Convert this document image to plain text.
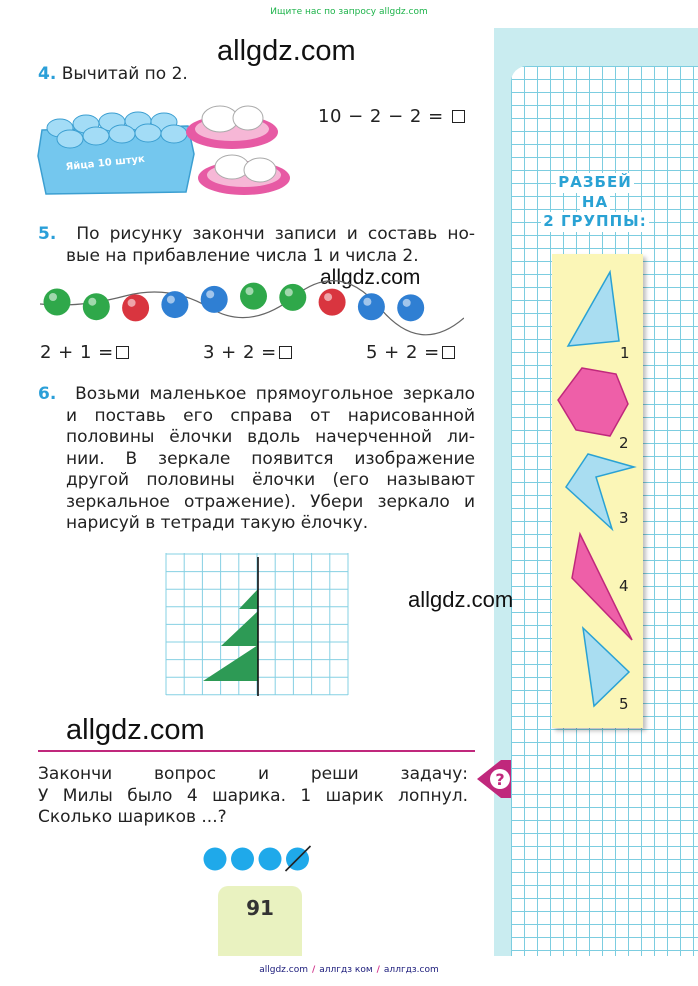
Ищите нас по запросу allgdz.com
РАЗБЕЙ
НА
2 ГРУППЫ:
1
2
3
4
5
allgdz.com
allgdz.com
allgdz.com
allgdz.com
4. Вычитай по 2.
Яйца 10 штук
10 − 2 − 2 =
5. По рисунку закончи записи и составь но-
вые на прибавление числа 1 и числа 2.
2 + 1 =	3 + 2 =	5 + 2 =
6. Возьми маленькое прямоугольное зеркало
и поставь его справа от нарисованной
половины ёлочки вдоль начерченной ли-
нии. В зеркале появится изображение
другой половины ёлочки (его называют
зеркальное отражение). Убери зеркало и
нарисуй в тетради такую ёлочку.
Закончи вопрос и реши задачу:
У Милы было 4 шарика. 1 шарик лопнул.
Сколько шариков ...?
?
91
allgdz.com / аллгдз ком / аллгдз.com
